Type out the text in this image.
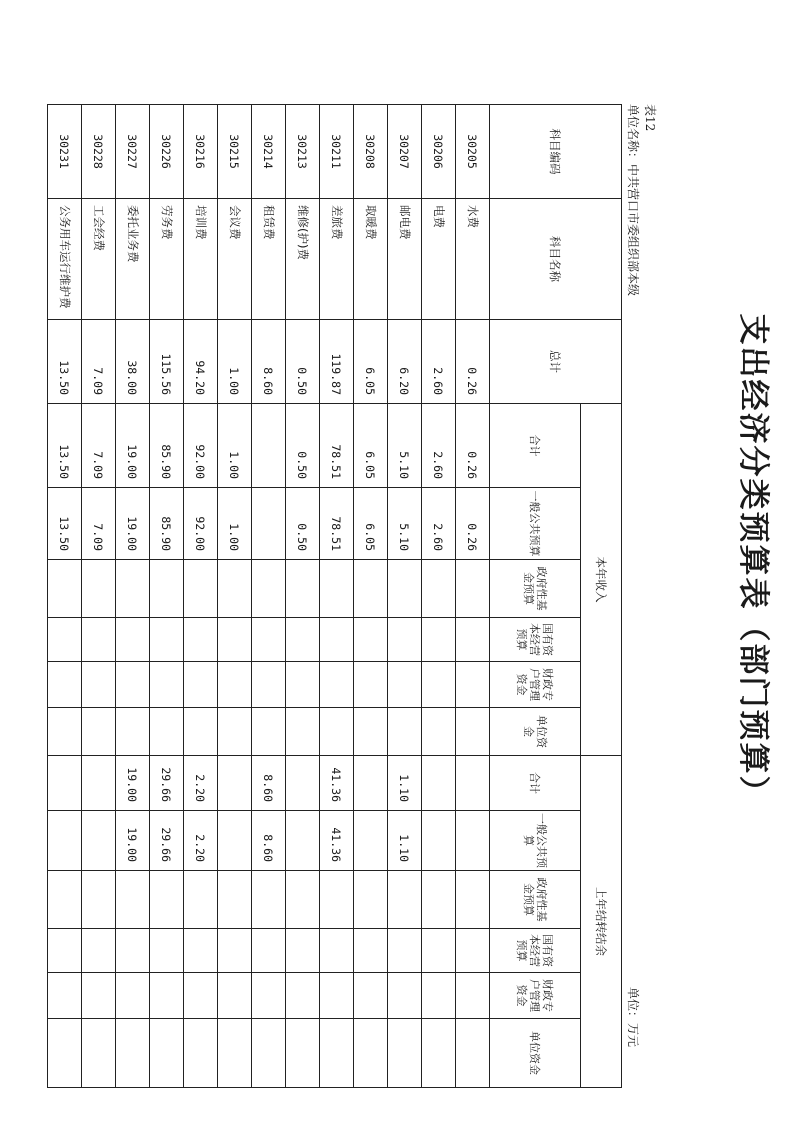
支出经济分类预算表（部门预算）
表12
单位名称：中共营口市委组织部本级
单位：万元
科目编码	科目名称	总计	本年收入						上年结转结余					
			合计	一般公共预算	政府性基金预算	国有资本经营预算	财政专户管理资金	单位资金	合计	一般公共预算	政府性基金预算	国有资本经营预算	财政专户管理资金	单位资金
30205	水费	0.26	0.26	0.26										
30206	电费	2.60	2.60	2.60										
30207	邮电费	6.20	5.10	5.10					1.10	1.10				
30208	取暖费	6.05	6.05	6.05										
30211	差旅费	119.87	78.51	78.51					41.36	41.36				
30213	维修(护)费	0.50	0.50	0.50										
30214	租赁费	8.60							8.60	8.60				
30215	会议费	1.00	1.00	1.00										
30216	培训费	94.20	92.00	92.00					2.20	2.20				
30226	劳务费	115.56	85.90	85.90					29.66	29.66				
30227	委托业务费	38.00	19.00	19.00					19.00	19.00				
30228	工会经费	7.09	7.09	7.09										
30231	公务用车运行维护费	13.50	13.50	13.50										
